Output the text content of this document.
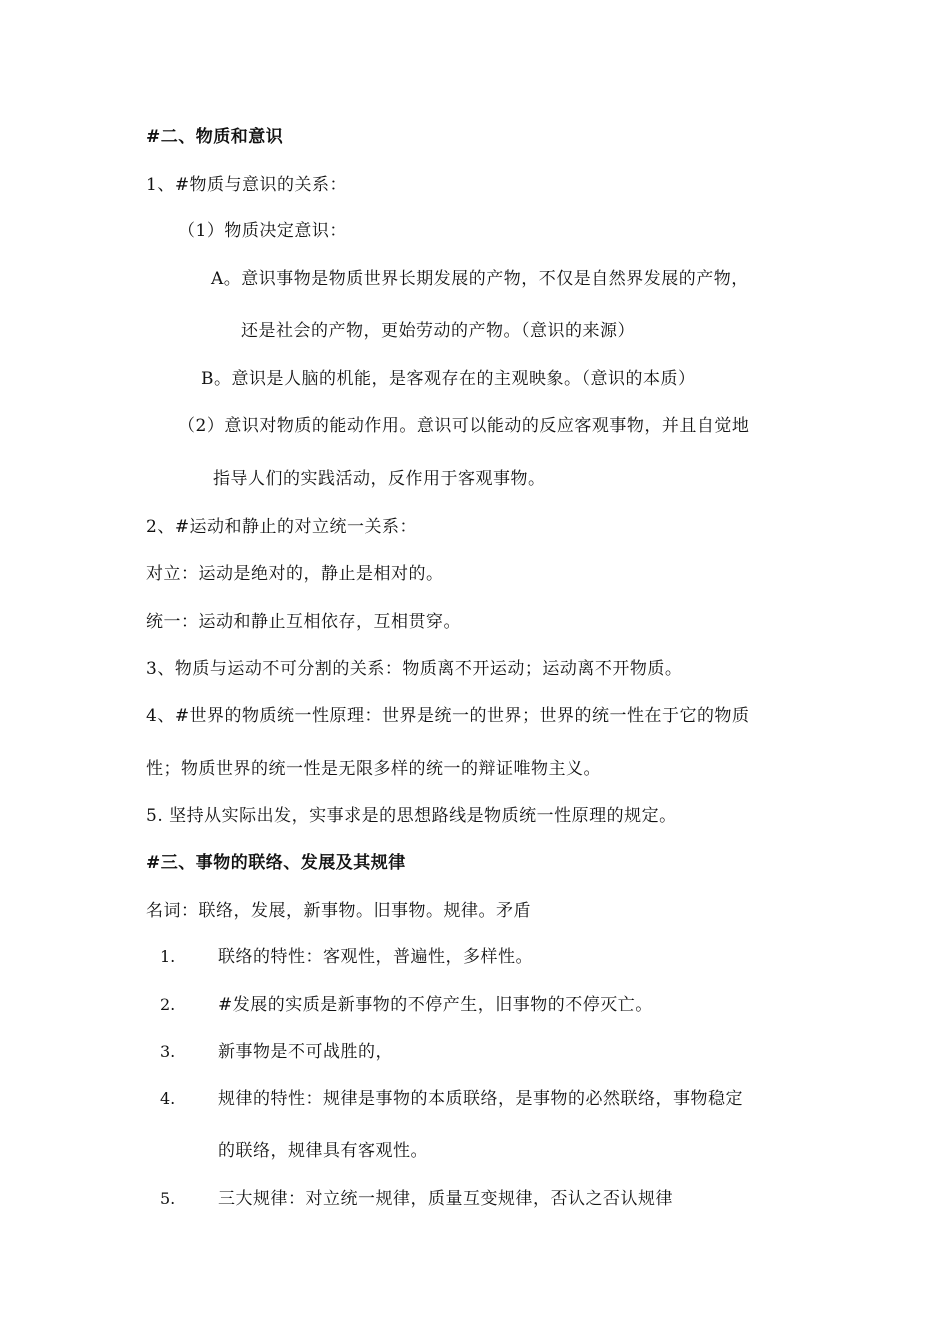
#二、物质和意识
1、#物质与意识的关系：
（1）物质决定意识：
A。意识事物是物质世界长期发展的产物，不仅是自然界发展的产物，
还是社会的产物，更始劳动的产物。（意识的来源）
B。意识是人脑的机能，是客观存在的主观映象。（意识的本质）
（2）意识对物质的能动作用。意识可以能动的反应客观事物，并且自觉地
指导人们的实践活动，反作用于客观事物。
2、#运动和静止的对立统一关系：
对立：运动是绝对的，静止是相对的。
统一：运动和静止互相依存，互相贯穿。
3、物质与运动不可分割的关系：物质离不开运动；运动离不开物质。
4、#世界的物质统一性原理：世界是统一的世界；世界的统一性在于它的物质
性；物质世界的统一性是无限多样的统一的辩证唯物主义。
5. 坚持从实际出发，实事求是的思想路线是物质统一性原理的规定。
#三、事物的联络、发展及其规律
名词：联络，发展，新事物。旧事物。规律。矛盾
1.	联络的特性：客观性，普遍性，多样性。
2.	#发展的实质是新事物的不停产生，旧事物的不停灭亡。
3.	新事物是不可战胜的，
4.	规律的特性：规律是事物的本质联络，是事物的必然联络，事物稳定
的联络，规律具有客观性。
5.	三大规律：对立统一规律，质量互变规律，否认之否认规律
